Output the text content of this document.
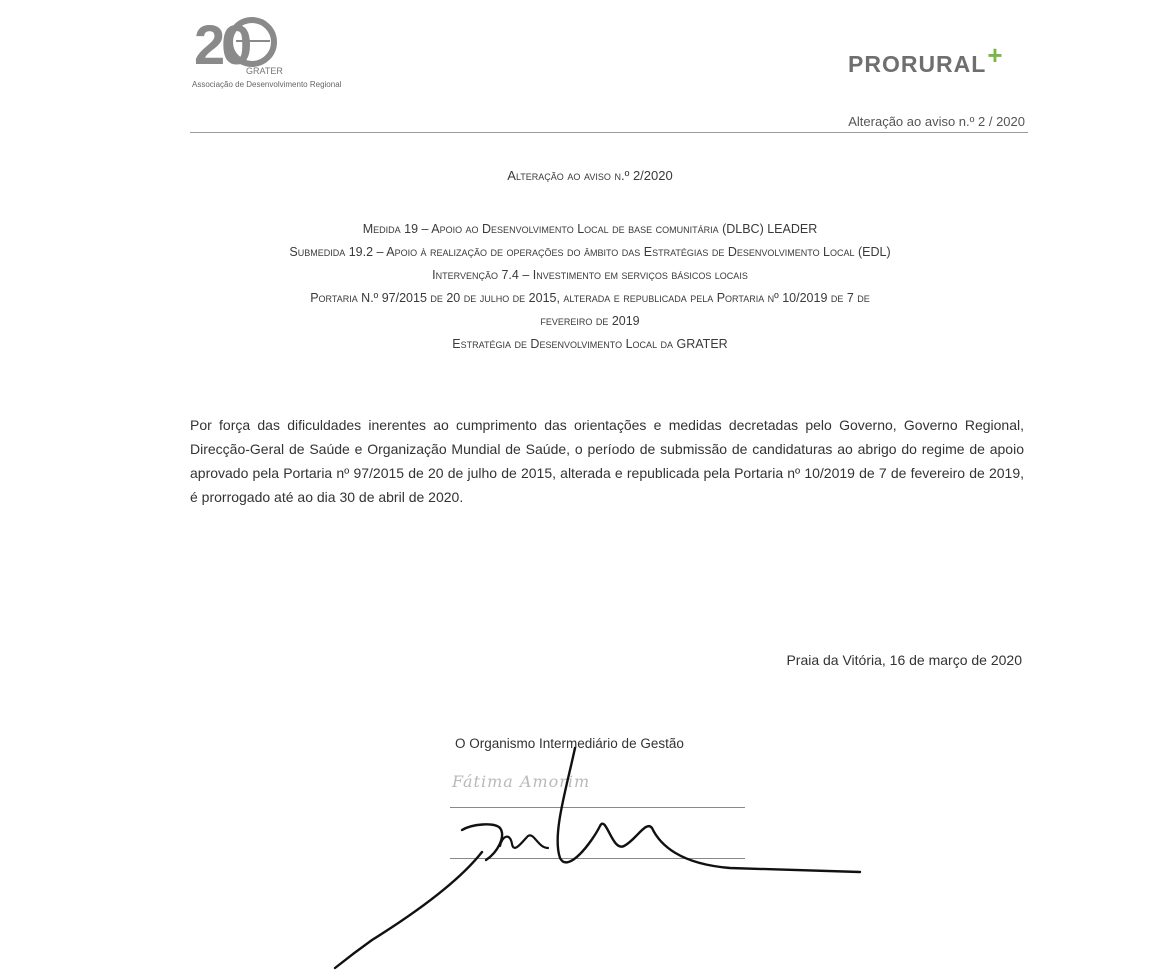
20
GRATER
Associação de Desenvolvimento Regional
PRORURAL+
Alteração ao aviso n.º 2 / 2020
Alteração ao aviso n.º 2/2020
Medida 19 – Apoio ao Desenvolvimento Local de base comunitária (DLBC) LEADER
Submedida 19.2 – Apoio à realização de operações do âmbito das Estratégias de Desenvolvimento Local (EDL)
Intervenção 7.4 – Investimento em serviços básicos locais
Portaria N.º 97/2015 de 20 de julho de 2015, alterada e republicada pela Portaria nº 10/2019 de 7 de
fevereiro de 2019
Estratégia de Desenvolvimento Local da GRATER
Por força das dificuldades inerentes ao cumprimento das orientações e medidas decretadas pelo Governo, Governo Regional, Direcção-Geral de Saúde e Organização Mundial de Saúde, o período de submissão de candidaturas ao abrigo do regime de apoio aprovado pela Portaria nº 97/2015 de 20 de julho de 2015, alterada e republicada pela Portaria nº 10/2019 de 7 de fevereiro de 2019, é prorrogado até ao dia 30 de abril de 2020.
Praia da Vitória, 16 de março de 2020
O Organismo Intermediário de Gestão
Fátima Amorim
